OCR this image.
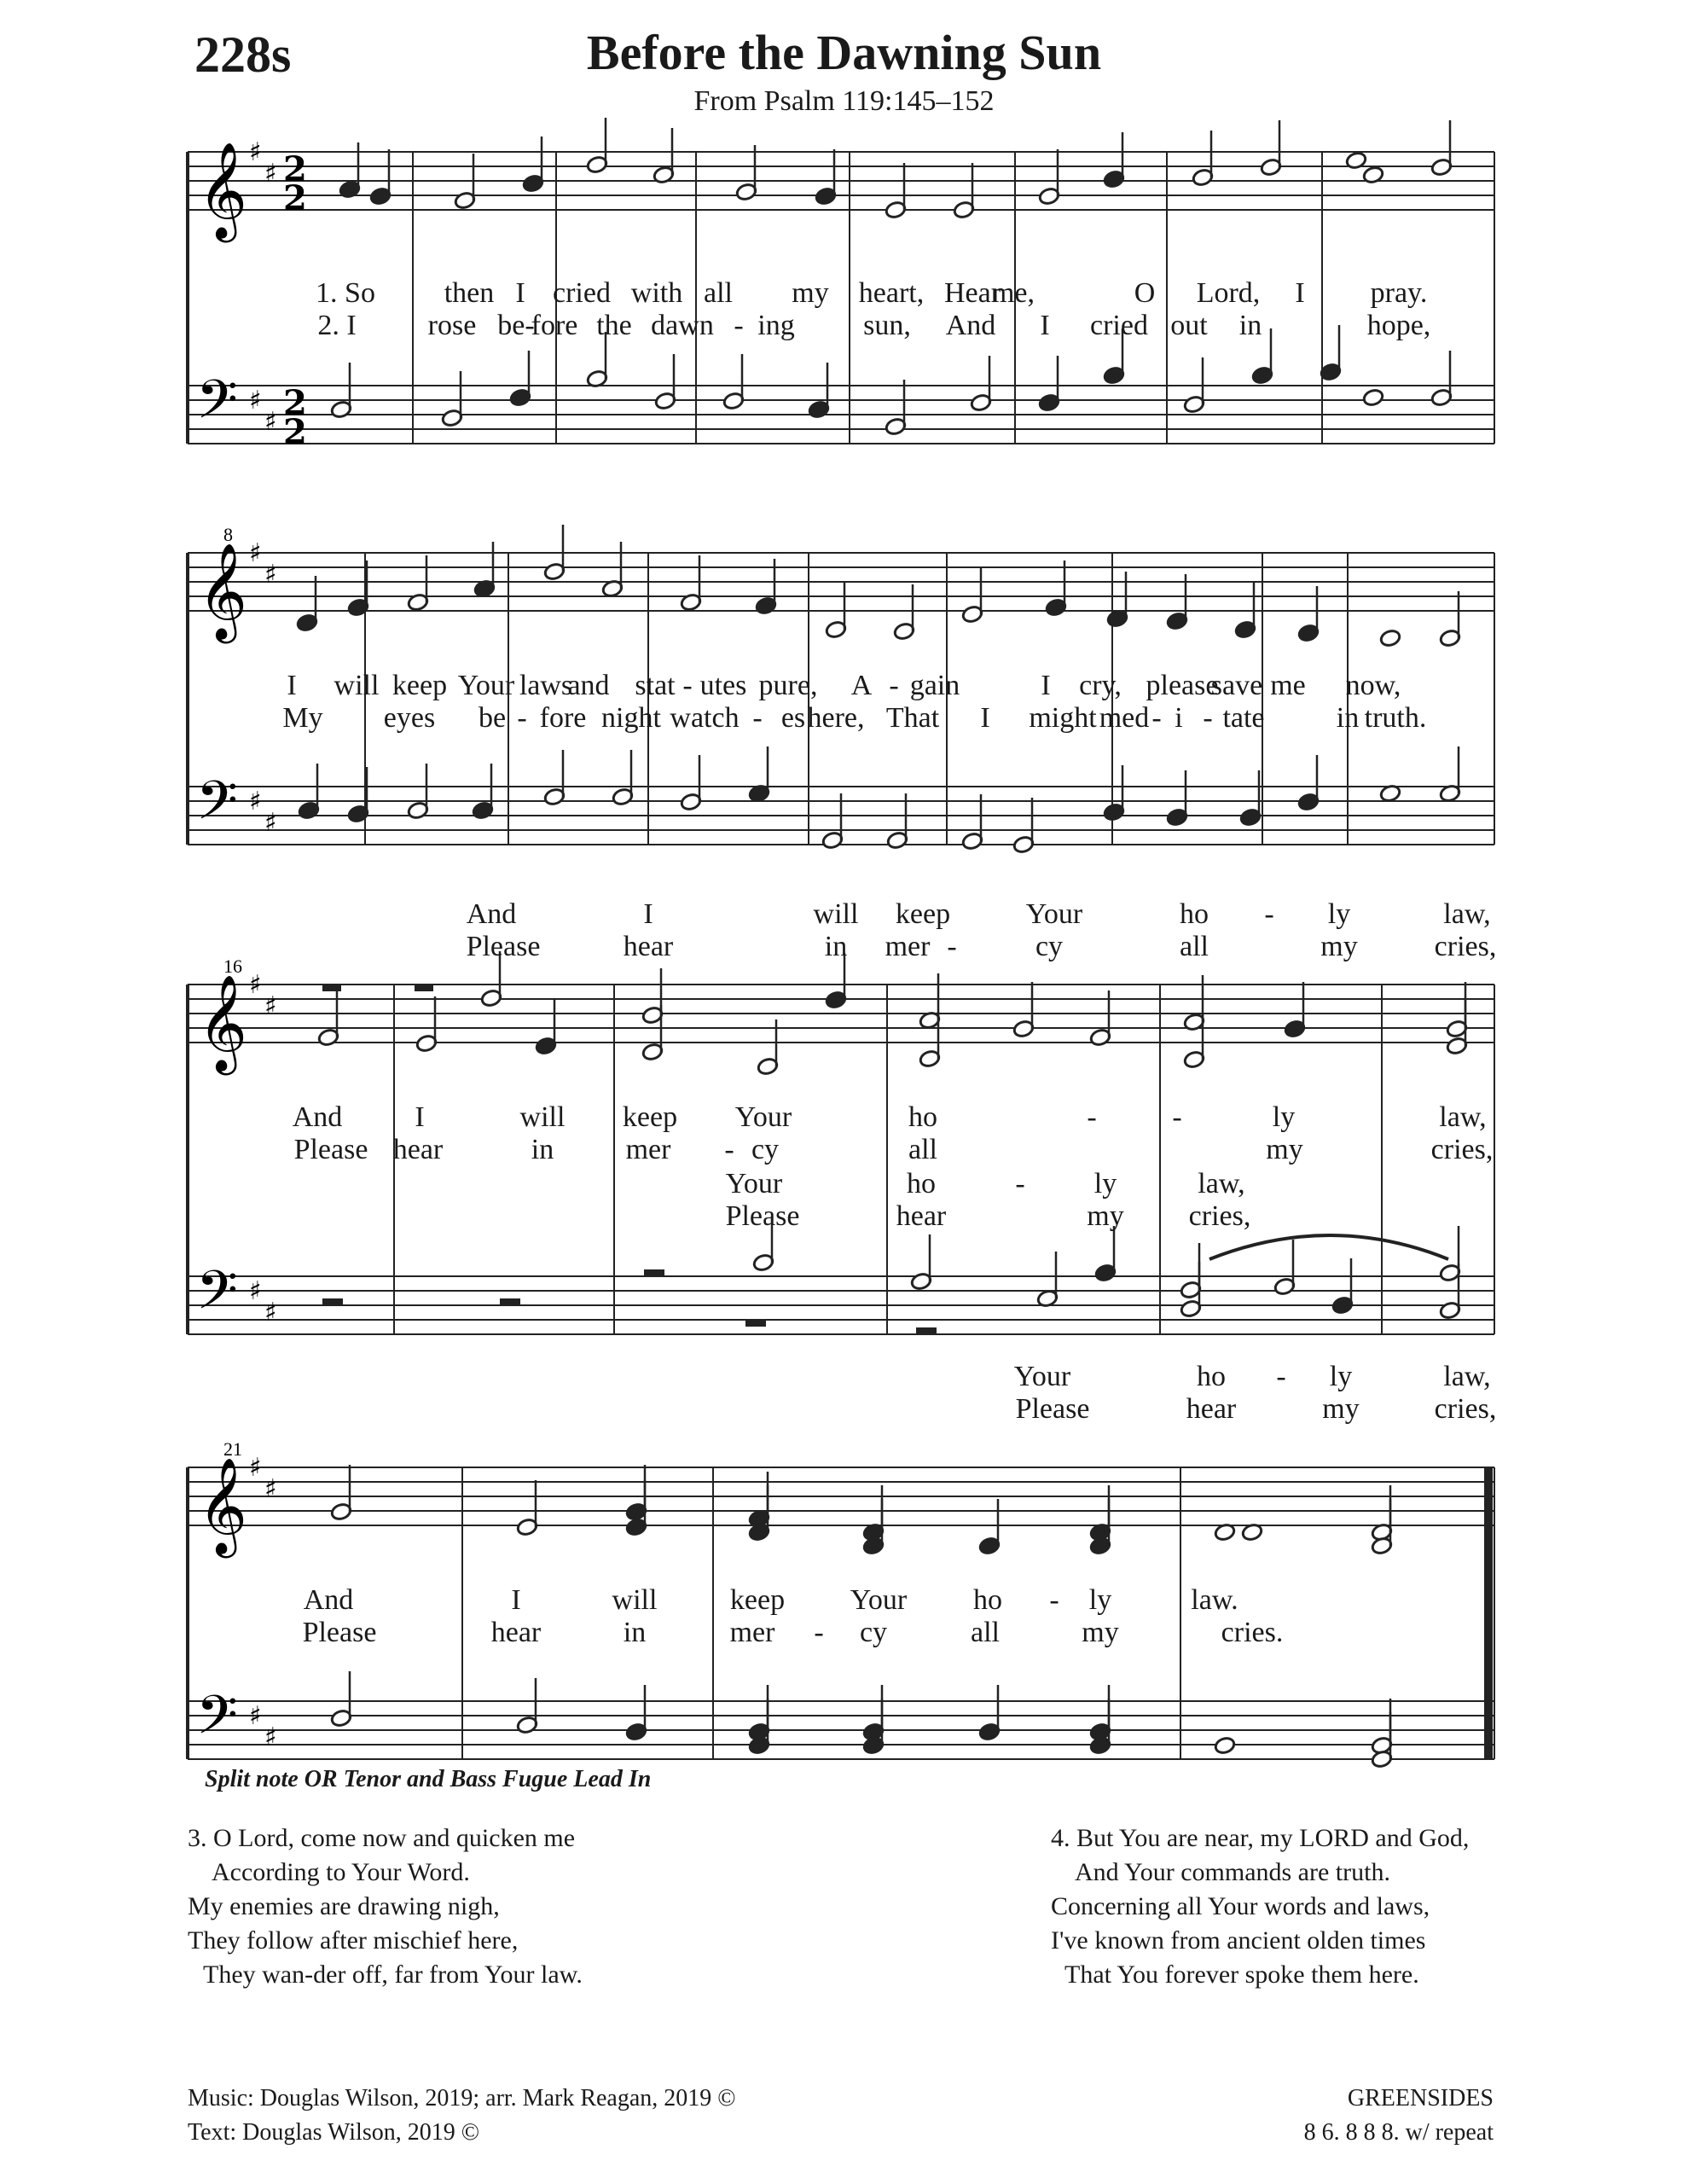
228s	Before the Dawning Sun
From Psalm 119:145–152
𝄞
𝄢
♯
♯
♯
♯
2
2
2
2
1. So then I cried with all my heart, Hear
me,	O Lord, I pray.
2. I rose be-
fore the dawn - ing sun, And I cried out in	hope,
𝄞
𝄢
♯
♯
♯
♯
8
I will keep Your laws
and stat - utes pure, A - gain	I cry, please
save me now,
My eyes be - fore night watch - es here, That I might med - i - tate in truth.
𝄞
𝄢
♯
♯
♯
♯
16
And	I	will keep	Your	ho - ly	law,
Please	hear	in mer -	cy	all	my	cries,
And	I	will keep Your	ho	-	-	ly	law,
Please hear	in mer - cy	all	my	cries,
Your	ho	- ly	law,
Please	hear	my cries,
Your	ho - ly	law,
Please	hear	my	cries,
𝄞
𝄢
♯
♯
♯
♯
21
And	I	will	keep Your ho - ly	law.
Please	hear	in	mer - cy	all	my	cries.
Split note OR Tenor and Bass Fugue Lead In
3. O Lord, come now and quicken me
According to Your Word.
My enemies are drawing nigh,
They follow after mischief here,
They wan-der off, far from Your law.
4. But You are near, my LORD and God,
And Your commands are truth.
Concerning all Your words and laws,
I've known from ancient olden times
That You forever spoke them here.
Music: Douglas Wilson, 2019; arr. Mark Reagan, 2019 ©
Text: Douglas Wilson, 2019 ©
GREENSIDES
8 6. 8 8 8. w/ repeat
